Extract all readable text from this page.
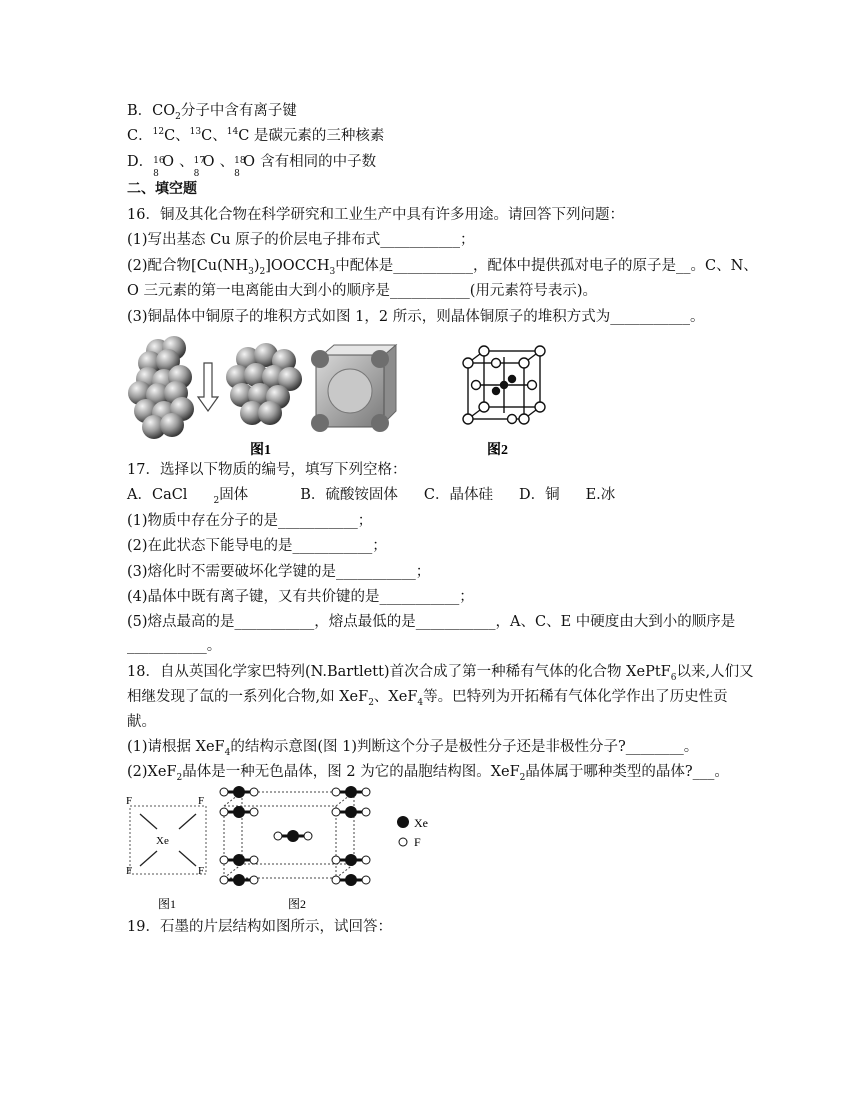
B．$CO_2$分子中含有离子键
C．$^{12}$C、$^{13}$C、$^{14}$C 是碳元素的三种核素
D． 16
8
O 、 17
8
O 、 18
8
O 含有相同的中子数
二、填空题
16．铜及其化合物在科学研究和工业生产中具有许多用途。请回答下列问题：
(1)写出基态 Cu 原子的价层电子排布式___________；
(2)配合物$[Cu(NH_3)_2]OOCCH_3$中配体是___________，配体中提供孤对电子的原子是__。C、N、
O 三元素的第一电离能由大到小的顺序是___________(用元素符号表示)。
(3)铜晶体中铜原子的堆积方式如图 1，2 所示，则晶体铜原子的堆积方式为___________。
图1	图2
17．选择以下物质的编号，填写下列空格：
A．CaCl	$_2$固体	B．硫酸铵固体 C．晶体硅 D．铜 E.冰
(1)物质中存在分子的是___________；
(2)在此状态下能导电的是___________；
(3)熔化时不需要破坏化学键的是___________；
(4)晶体中既有离子键，又有共价键的是___________；
(5)熔点最高的是___________，熔点最低的是___________，A、C、E 中硬度由大到小的顺序是
___________。
18．自从英国化学家巴特列(N.Bartlett)首次合成了第一种稀有气体的化合物 XePtF$_6$以来,人们又
相继发现了氙的一系列化合物,如 XeF$_2$、XeF$_4$等。巴特列为开拓稀有气体化学作出了历史性贡
献。
(1)请根据 XeF$_4$的结构示意图(图 1)判断这个分子是极性分子还是非极性分子?________。
(2)XeF$_2$晶体是一种无色晶体，图 2 为它的晶胞结构图。XeF$_2$晶体属于哪种类型的晶体?___。
F	F
F	F
Xe
Xe
F
图1	图2
19．石墨的片层结构如图所示，试回答：
